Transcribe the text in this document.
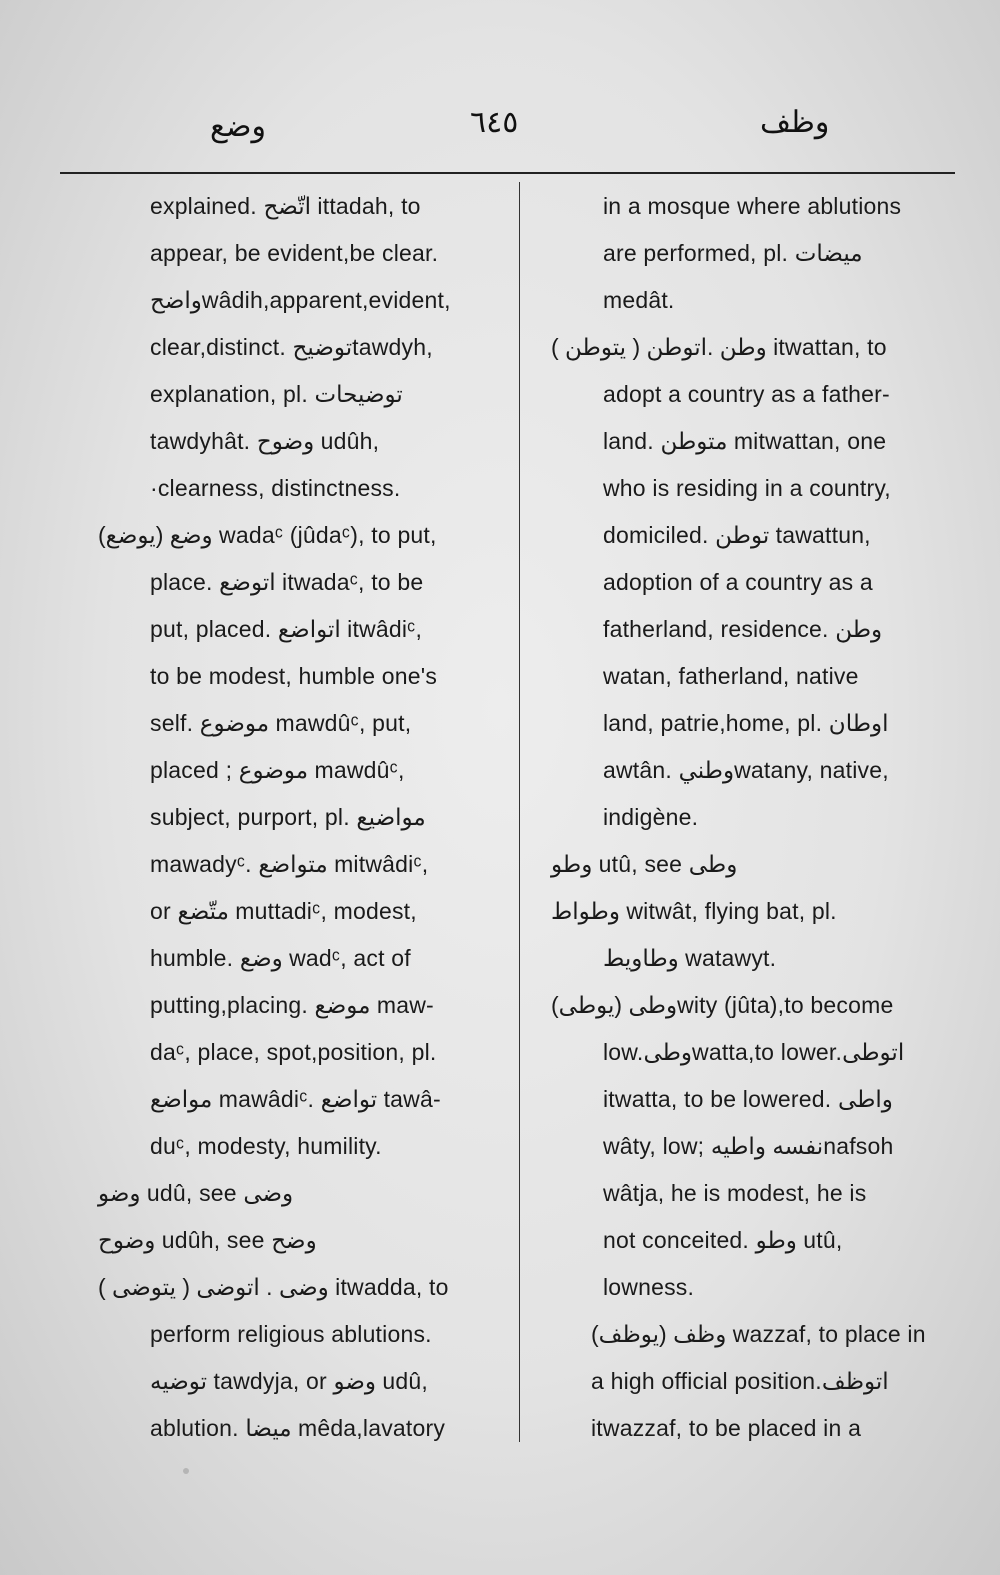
وضع	٦٤٥	وظف
explained. اتّضح ittadah, to
appear, be evident,be clear.
واضحwâdih,apparent,evident,
clear,distinct. توضيحtawdyh,
explanation, pl. توضيحات
tawdyhât. وضوح udûh,
·clearness, distinctness.
وضع (يوضع) wadaᶜ (jûdaᶜ), to put,
place. اتوضع itwadaᶜ, to be
put, placed. اتواضع itwâdiᶜ,
to be modest, humble one's
self. موضوع mawdûᶜ, put,
placed ; موضوع mawdûᶜ,
subject, purport, pl. مواضيع
mawadyᶜ. متواضع mitwâdiᶜ,
or متّضع muttadiᶜ, modest,
humble. وضع wadᶜ, act of
putting,placing. موضع maw-
daᶜ, place, spot,position, pl.
مواضع mawâdiᶜ. تواضع tawâ-
duᶜ, modesty, humility.
وضو udû, see وضى
وضوح udûh, see وضح
وضى . اتوضى ( يتوضى ) itwadda, to
perform religious ablutions.
توضيه tawdyja, or وضو udû,
ablution. ميضا mêda,lavatory
in a mosque where ablutions
are performed, pl. ميضات
medât.
وطن .اتوطن ( يتوطن ) itwattan, to
adopt a country as a father-
land. متوطن mitwattan, one
who is residing in a country,
domiciled. توطن tawattun,
adoption of a country as a
fatherland, residence. وطن
watan, fatherland, native
land, patrie,home, pl. اوطان
awtân. وطنيwatany, native,
indigène.
وطو utû, see وطى
وطواط witwât, flying bat, pl.
وطاويط watawyt.
وطى (يوطى)wity (jûta),to become
low.وطىwatta,to lower.اتوطى
itwatta, to be lowered. واطى
wâty, low; نفسه واطيهnafsoh
wâtja, he is modest, he is
not conceited. وطو utû,
lowness.
وظف (يوظف) wazzaf, to place in
a high official position.اتوظف
itwazzaf, to be placed in a
